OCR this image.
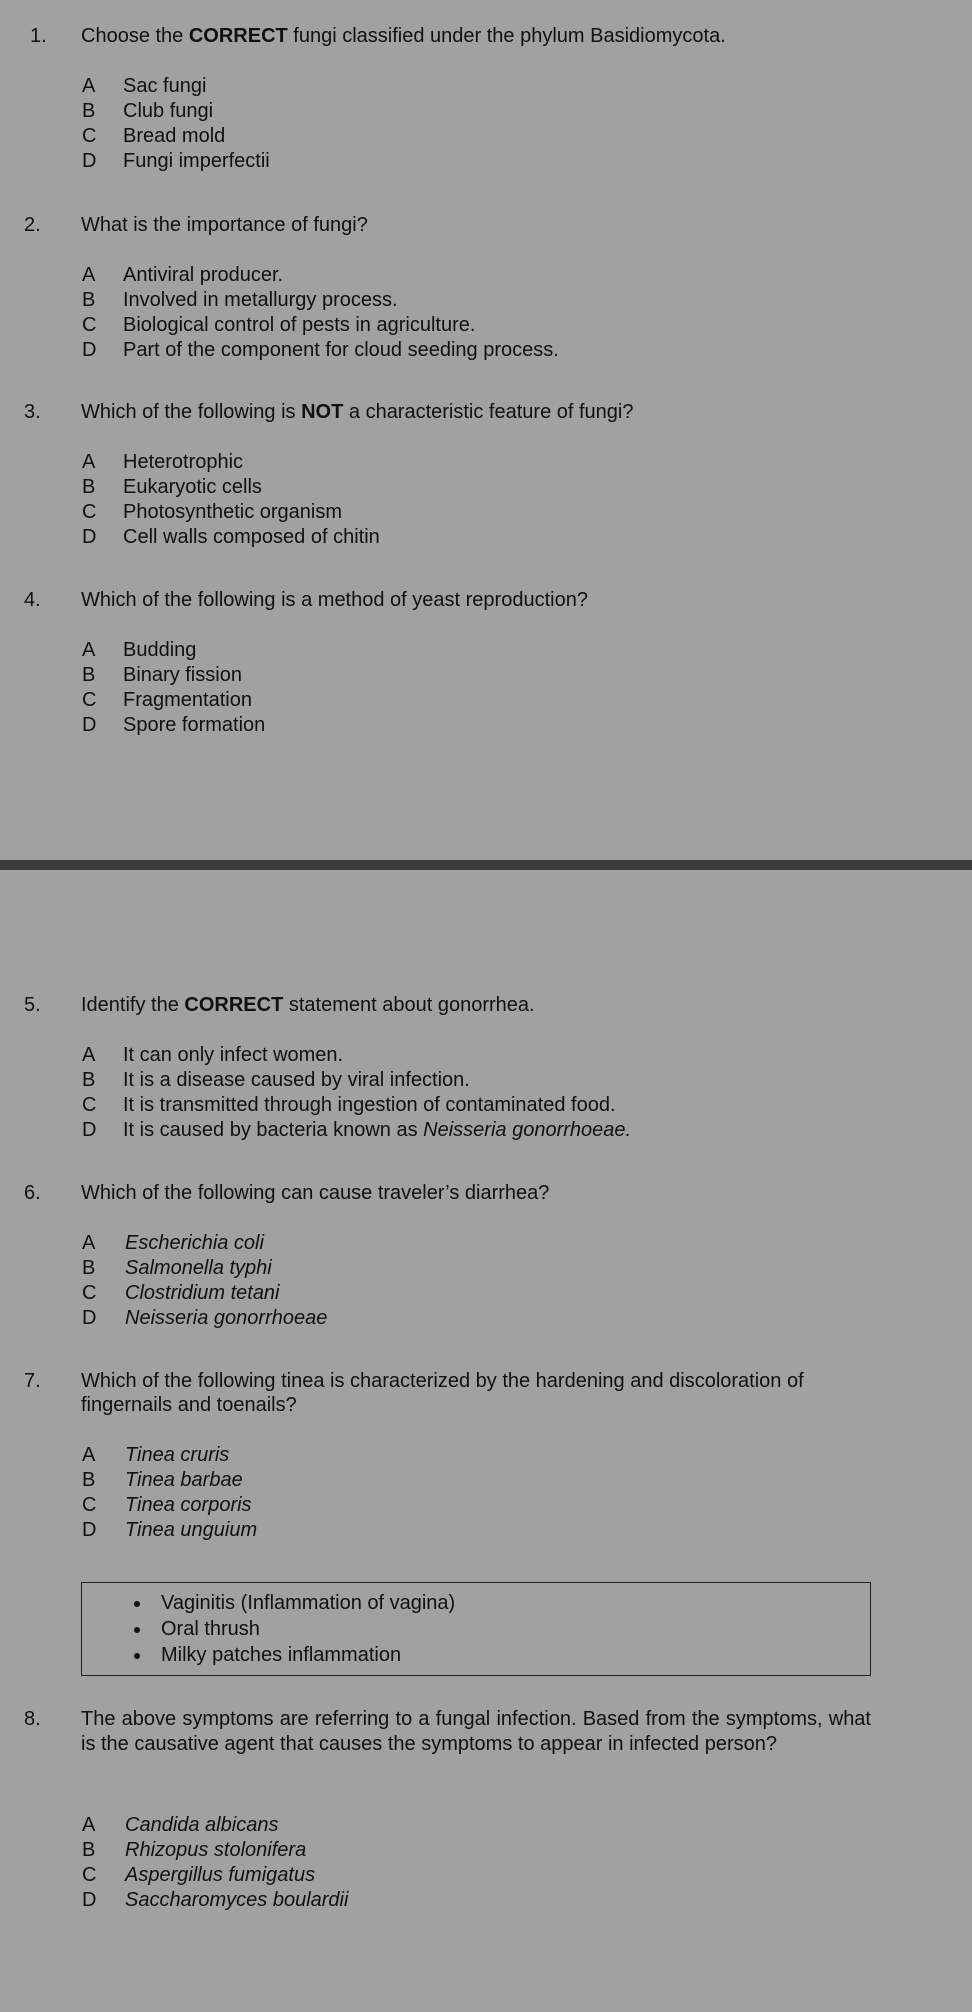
1. Choose the CORRECT fungi classified under the phylum Basidiomycota.
A Sac fungi
B Club fungi
C Bread mold
D Fungi imperfectii
2. What is the importance of fungi?
A Antiviral producer.
B Involved in metallurgy process.
C Biological control of pests in agriculture.
D Part of the component for cloud seeding process.
3. Which of the following is NOT a characteristic feature of fungi?
A Heterotrophic
B Eukaryotic cells
C Photosynthetic organism
D Cell walls composed of chitin
4. Which of the following is a method of yeast reproduction?
A Budding
B Binary fission
C Fragmentation
D Spore formation
5. Identify the CORRECT statement about gonorrhea.
A It can only infect women.
B It is a disease caused by viral infection.
C It is transmitted through ingestion of contaminated food.
D It is caused by bacteria known as Neisseria gonorrhoeae.
6. Which of the following can cause traveler’s diarrhea?
A Escherichia coli
B Salmonella typhi
C Clostridium tetani
D Neisseria gonorrhoeae
7. Which of the following tinea is characterized by the hardening and discoloration of
fingernails and toenails?
A Tinea cruris
B Tinea barbae
C Tinea corporis
D Tinea unguium
Vaginitis (Inflammation of vagina)
Oral thrush
Milky patches inflammation
8. The above symptoms are referring to a fungal infection. Based from the symptoms, what is the causative agent that causes the symptoms to appear in infected person?
A Candida albicans
B Rhizopus stolonifera
C Aspergillus fumigatus
D Saccharomyces boulardii
